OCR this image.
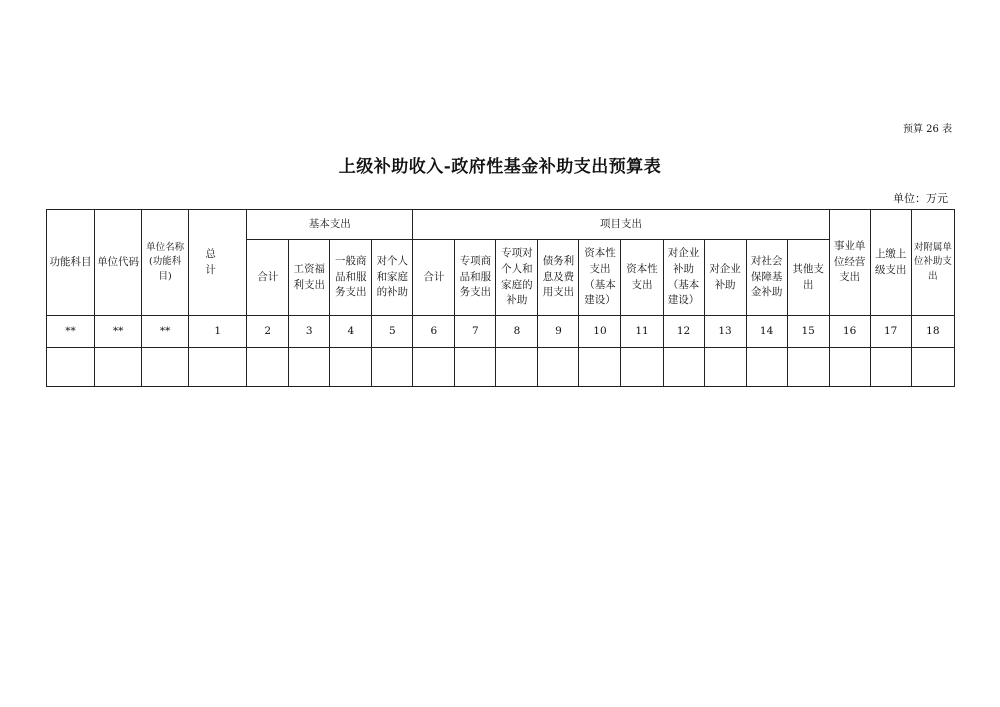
预算 26 表
上级补助收入-政府性基金补助支出预算表
单位：万元
功能科目	单位代码	单位名称(功能科目)	总 计	基本支出				项目支出										事业单位经营支出	上缴上级支出	对附属单位补助支出
				合计	工资福利支出	一般商品和服务支出	对个人和家庭的补助	合计	专项商品和服务支出	专项对个人和家庭的补助	债务利息及费用支出	资本性支出（基本建设）	资本性支出	对企业补助（基本建设）	对企业补助	对社会保障基金补助	其他支出			
**	**	**	1	2	3	4	5	6	7	8	9	10	11	12	13	14	15	16	17	18
